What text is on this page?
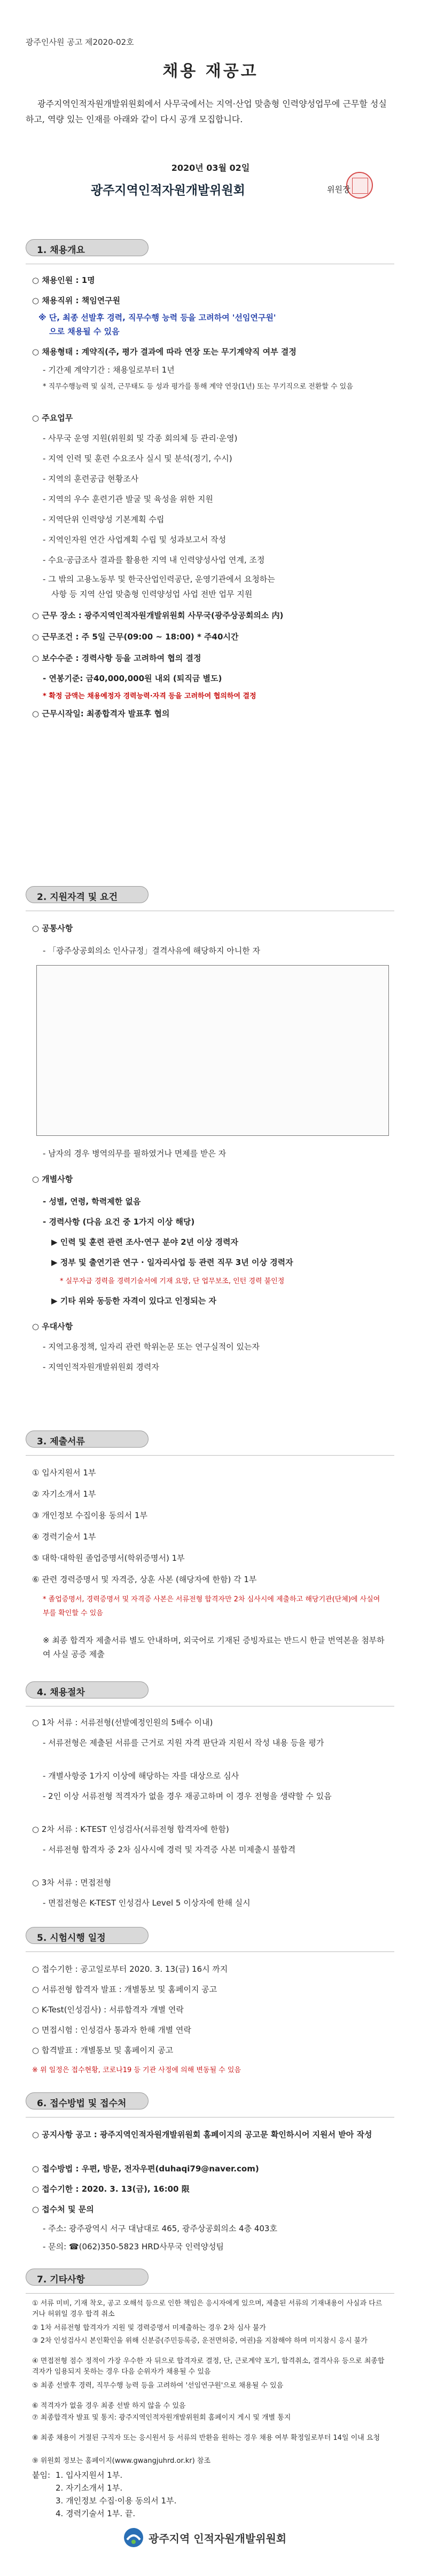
광주인사원 공고 제2020-02호
채용 재공고
광주지역인적자원개발위원회에서 사무국에서는 지역·산업 맞춤형 인력양성업무에 근무할 성실하고, 역량 있는 인재를 아래와 같이 다시 공개 모집합니다.
2020년 03월 02일
광주지역인적자원개발위원회	위원장
1. 채용개요
○ 채용인원 : 1명
○ 채용직위 : 책임연구원
※ 단, 최종 선발후 경력, 직무수행 능력 등을 고려하여 '선임연구원'
으로 채용될 수 있음
○ 채용형태 : 계약직(주, 평가 결과에 따라 연장 또는 무기계약직 여부 결정
- 기간제 계약기간 : 채용일로부터 1년
* 직무수행능력 및 실적, 근무태도 등 성과 평가를 통해 계약 연장(1년) 또는 무기직으로 전환할 수 있음
○ 주요업무
- 사무국 운영 지원(위원회 및 각종 회의체 등 관리·운영)
- 지역 인력 및 훈련 수요조사 실시 및 분석(정기, 수시)
- 지역의 훈련공급 현황조사
- 지역의 우수 훈련기관 발굴 및 육성을 위한 지원
- 지역단위 인력양성 기본계획 수립
- 지역인자원 연간 사업계획 수립 및 성과보고서 작성
- 수요·공급조사 결과를 활용한 지역 내 인력양성사업 연계, 조정
- 그 밖의 고용노동부 및 한국산업인력공단, 운영기관에서 요청하는
사항 등 지역 산업 맞춤형 인력양성업 사업 전반 업무 지원
○ 근무 장소 : 광주지역인적자원개발위원회 사무국(광주상공회의소 内)
○ 근무조건 : 주 5일 근무(09:00 ~ 18:00) * 주40시간
○ 보수수준 : 경력사항 등을 고려하여 협의 결정
- 연봉기준: 금40,000,000원 내외 (퇴직금 별도)
* 확정 금액는 채용예정자 경력능력·자격 등을 고려하여 협의하여 결정
○ 근무시작일: 최종합격자 발표후 협의
2. 지원자격 및 요건
○ 공통사항
- 「광주상공회의소 인사규정」결격사유에 해당하지 아니한 자
- 남자의 경우 병역의무를 필하였거나 면제를 받은 자
○ 개별사항
- 성별, 연령, 학력제한 없음
- 경력사항 (다음 요건 중 1가지 이상 해당)
▶ 인력 및 훈련 관련 조사·연구 분야 2년 이상 경력자
▶ 정부 및 출연기관 연구 · 일자리사업 등 관련 직무 3년 이상 경력자
* 실무자급 경력을 경력기술서에 기재 요망, 단 업무보조, 인턴 경력 불인정
▶ 기타 위와 동등한 자격이 있다고 인정되는 자
○ 우대사항
- 지역고용정책, 일자리 관련 학위논문 또는 연구실적이 있는자
- 지역인적자원개발위원회 경력자
3. 제출서류
① 입사지원서 1부
② 자기소개서 1부
③ 개인정보 수집이용 동의서 1부
④ 경력기술서 1부
⑤ 대학·대학원 졸업증명서(학위증명서) 1부
⑥ 관련 경력증명서 및 자격증, 상훈 사본 (해당자에 한함) 각 1부
* 졸업증명서, 경력증명서 및 자격증 사본은 서류전형 합격자만 2차 심사시에 제출하고 해당기관(단체)에 사실여부를 확인할 수 있음
※ 최종 합격자 제출서류 별도 안내하며, 외국어로 기재된 증빙자료는 반드시 한글 번역본을 첨부하여 사실 공증 제출
4. 채용절차
○ 1차 서류 : 서류전형(선발예정인원의 5배수 이내)
- 서류전형은 제출된 서류를 근거로 지원 자격 판단과 지원서 작성 내용 등을 평가
- 개별사항중 1가지 이상에 해당하는 자를 대상으로 심사
- 2인 이상 서류전형 적격자가 없을 경우 재공고하며 이 경우 전형을 생략할 수 있음
○ 2차 서류 : K-TEST 인성검사(서류전형 합격자에 한함)
- 서류전형 합격자 중 2차 심사시에 경력 및 자격증 사본 미제출시 불합격
○ 3차 서류 : 면접전형
- 면접전형은 K-TEST 인성검사 Level 5 이상자에 한해 실시
5. 시험시행 일정
○ 접수기한 : 공고일로부터 2020. 3. 13(금) 16시 까지
○ 서류전형 합격자 발표 : 개별통보 및 홈페이지 공고
○ K-Test(인성검사) : 서류합격자 개별 연락
○ 면접시험 : 인성검사 통과자 한해 개별 연락
○ 합격발표 : 개별통보 및 홈페이지 공고
※ 위 일정은 접수현황, 코로나19 등 기관 사정에 의해 변동될 수 있음
6. 접수방법 및 접수처
○ 공지사항 공고 : 광주지역인적자원개발위원회 홈페이지의 공고문 확인하시어 지원서 받아 작성
○ 접수방법 : 우편, 방문, 전자우편(duhaqi79@naver.com)
○ 접수기한 : 2020. 3. 13(금), 16:00 限
○ 접수처 및 문의
- 주소: 광주광역시 서구 대남대로 465, 광주상공회의소 4층 403호
- 문의: ☎(062)350-5823 HRD사무국 인력양성팀
7. 기타사항
① 서류 미비, 기재 착오, 공고 오해석 등으로 인한 책임은 응시자에게 있으며, 제출된 서류의 기재내용이 사실과 다르거나 허위일 경우 합격 취소
② 1차 서류전형 합격자가 지원 및 경력증명서 미제출하는 경우 2차 심사 불가
③ 2차 인성검사시 본인확인을 위해 신분증(주민등록증, 운전면허증, 여권)을 지참해야 하며 미지참시 응시 불가
④ 면접전형 점수 정적이 가장 우수한 자 뒤으로 합격자로 결정, 단, 근로계약 포기, 합격취소, 결격사유 등으로 최종합격자가 임용되지 못하는 경우 다음 순위자가 채용될 수 있음
⑤ 최종 선발후 경력, 직무수행 능력 등을 고려하여 '선임연구원'으로 채용될 수 있음
⑥ 적격자가 없을 경우 최종 선발 하지 않을 수 있음
⑦ 최종합격자 발표 및 통지: 광주지역인적자원개발위원회 홈페이지 게시 및 개별 통지
⑧ 최종 채용이 거절된 구직자 또는 응시원서 등 서류의 반환을 원하는 경우 채용 여부 확정일로부터 14일 이내 요청
⑨ 위원회 정보는 홈페이지(www.gwangjuhrd.or.kr) 참조
붙임: 1. 입사지원서 1부.
2. 자기소개서 1부.
3. 개인정보 수집·이용 동의서 1부.
4. 경력기술서 1부. 끝.
광주지역 인적자원개발위원회
